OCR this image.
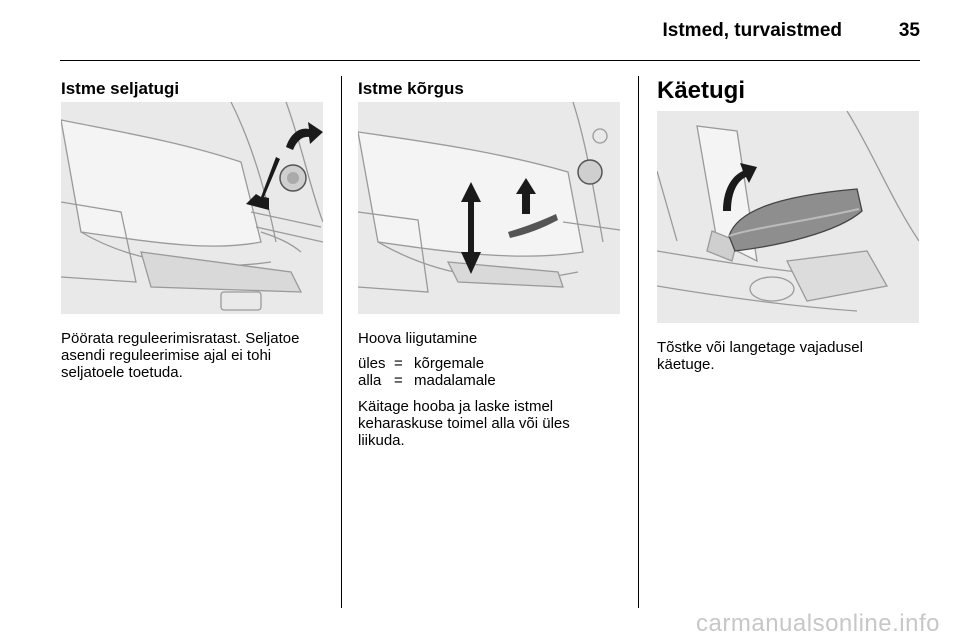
Istmed, turvaistmed	35
Istme seljatugi

Pöörata reguleerimisratast. Seljatoe asendi reguleerimise ajal ei tohi seljatoele toetuda.

Istme kõrgus

Hoova liigutamine

üles = kõrgemale
alla = madalamale

Käitage hooba ja laske istmel keharaskuse toimel alla või üles liikuda.

Käetugi

Tõstke või langetage vajadusel käetuge.

carmanualsonline.info
